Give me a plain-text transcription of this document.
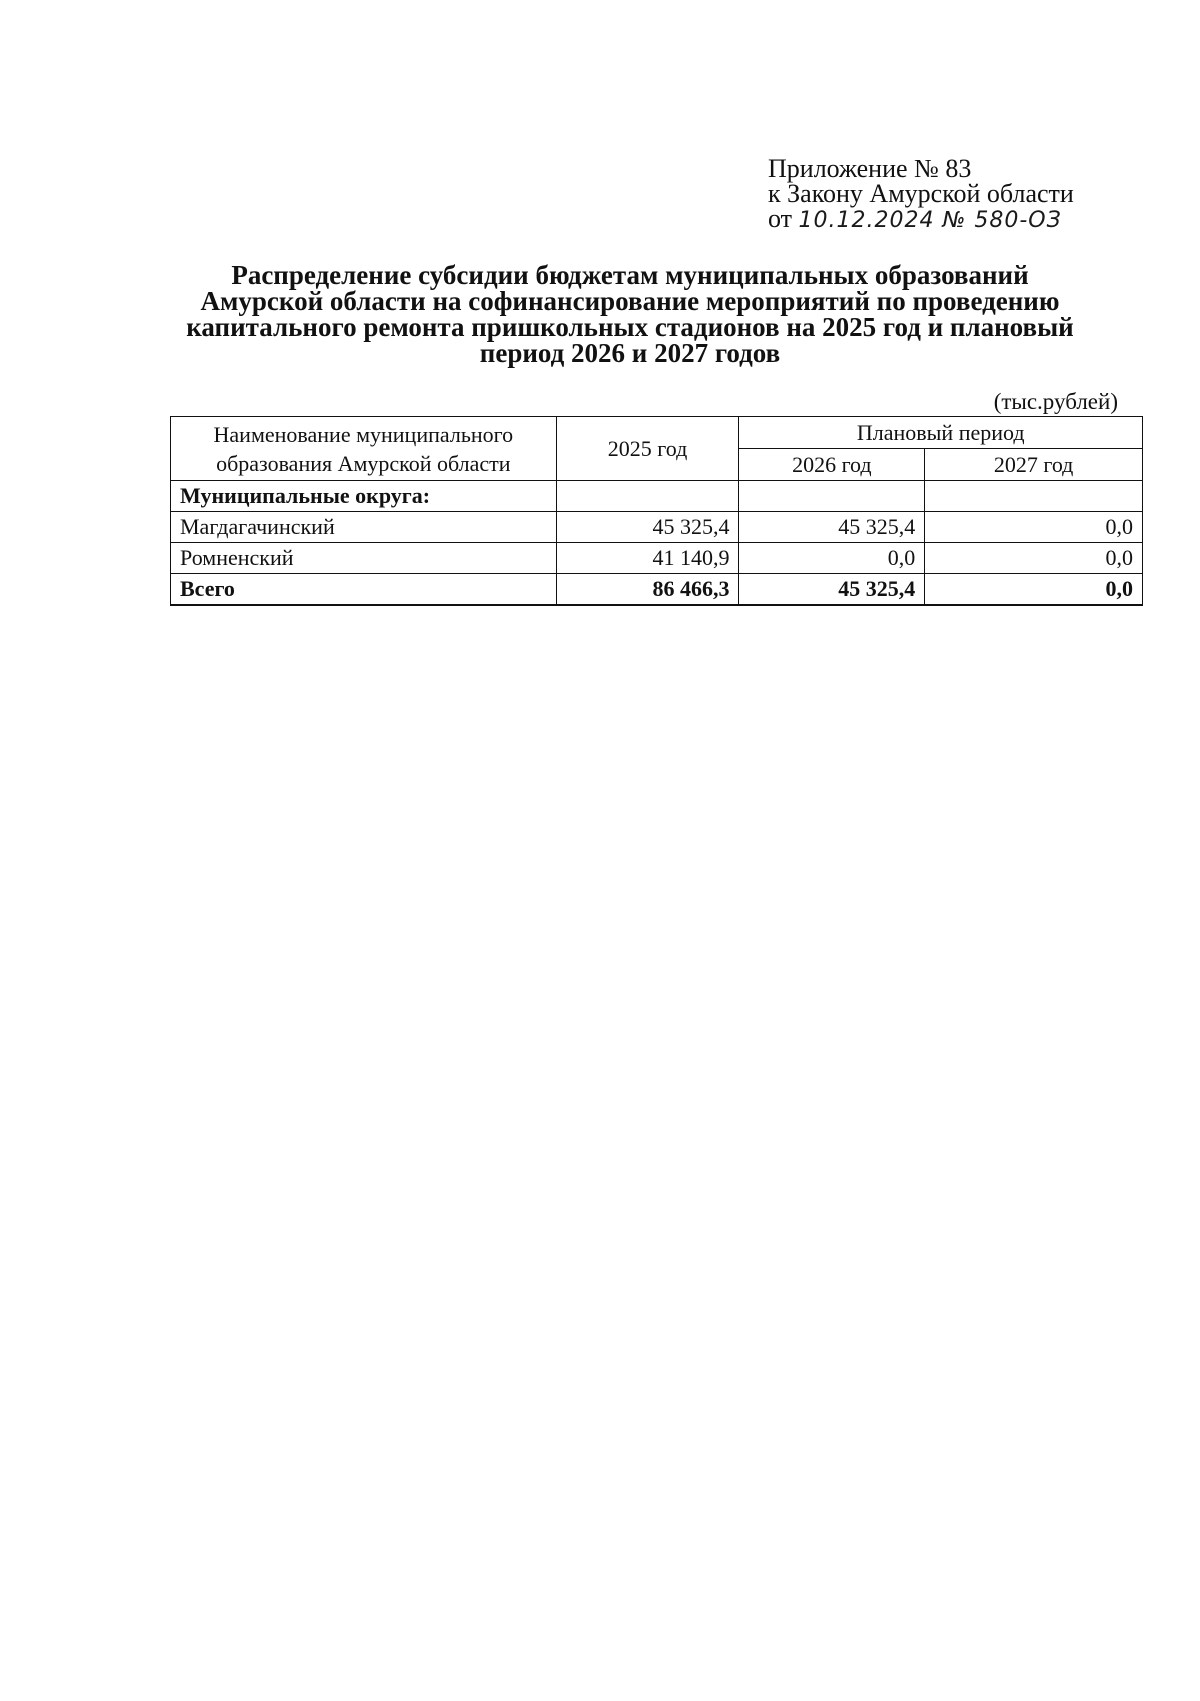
Приложение № 83
к Закону Амурской области
от 10.12.2024 № 580-ОЗ
Распределение субсидии бюджетам муниципальных образований
Амурской области на софинансирование мероприятий по проведению
капитального ремонта пришкольных стадионов на 2025 год и плановый
период 2026 и 2027 годов
(тыс.рублей)
Наименование муниципального образования Амурской области	2025 год	Плановый период	
		2026 год	2027 год
Муниципальные округа:			
Магдагачинский	45 325,4	45 325,4	0,0
Ромненский	41 140,9	0,0	0,0
Всего	86 466,3	45 325,4	0,0
